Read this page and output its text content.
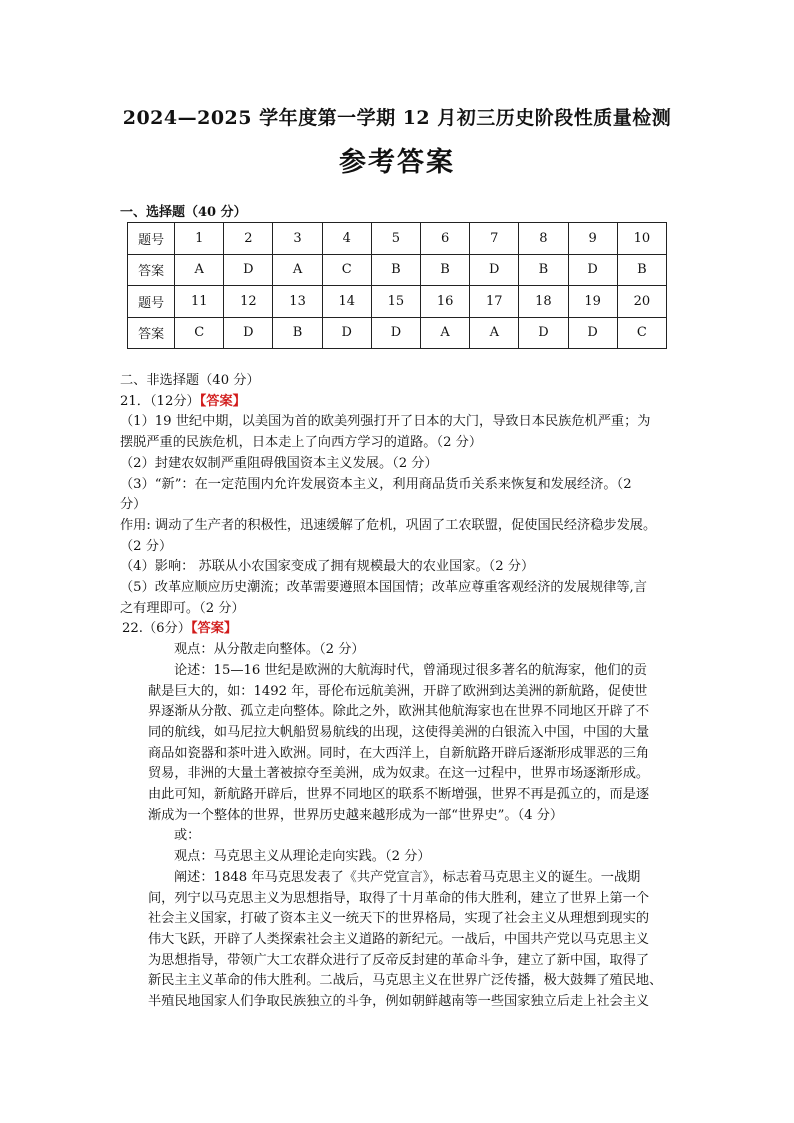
2024—2025 学年度第一学期 12 月初三历史阶段性质量检测
参考答案
一、选择题（40 分）
题号	1	2	3	4	5	6	7	8	9	10
答案	A	D	A	C	B	B	D	B	D	B
题号	11	12	13	14	15	16	17	18	19	20
答案	C	D	B	D	D	A	A	D	D	C

二、非选择题（40 分）

21．（12分）【答案】

（1）19 世纪中期，以美国为首的欧美列强打开了日本的大门，导致日本民族危机严重；为

摆脱严重的民族危机，日本走上了向西方学习的道路。（2 分）

（2）封建农奴制严重阻碍俄国资本主义发展。（2 分）

（3）“新”：在一定范围内允许发展资本主义，利用商品货币关系来恢复和发展经济。（2

分）

作用: 调动了生产者的积极性，迅速缓解了危机，巩固了工农联盟，促使国民经济稳步发展。

（2 分）

（4）影响： 苏联从小农国家变成了拥有规模最大的农业国家。（2 分）

（5）改革应顺应历史潮流；改革需要遵照本国国情；改革应尊重客观经济的发展规律等,言

之有理即可。（2 分）

22.（6分）【答案】

观点：从分散走向整体。（2 分）

论述：15—16 世纪是欧洲的大航海时代，曾涌现过很多著名的航海家，他们的贡

献是巨大的，如：1492 年，哥伦布远航美洲，开辟了欧洲到达美洲的新航路，促使世

界逐渐从分散、孤立走向整体。除此之外，欧洲其他航海家也在世界不同地区开辟了不

同的航线，如马尼拉大帆船贸易航线的出现，这使得美洲的白银流入中国，中国的大量

商品如瓷器和茶叶进入欧洲。同时，在大西洋上，自新航路开辟后逐渐形成罪恶的三角

贸易，非洲的大量土著被掠夺至美洲，成为奴隶。在这一过程中，世界市场逐渐形成。

由此可知，新航路开辟后，世界不同地区的联系不断增强，世界不再是孤立的，而是逐

渐成为一个整体的世界，世界历史越来越形成为一部“世界史”。（4 分）

或：

观点：马克思主义从理论走向实践。（2 分）

阐述：1848 年马克思发表了《共产党宣言》，标志着马克思主义的诞生。一战期

间，列宁以马克思主义为思想指导，取得了十月革命的伟大胜利，建立了世界上第一个

社会主义国家，打破了资本主义一统天下的世界格局，实现了社会主义从理想到现实的

伟大飞跃，开辟了人类探索社会主义道路的新纪元。一战后，中国共产党以马克思主义

为思想指导，带领广大工农群众进行了反帝反封建的革命斗争，建立了新中国，取得了

新民主主义革命的伟大胜利。二战后，马克思主义在世界广泛传播，极大鼓舞了殖民地、

半殖民地国家人们争取民族独立的斗争，例如朝鲜越南等一些国家独立后走上社会主义
